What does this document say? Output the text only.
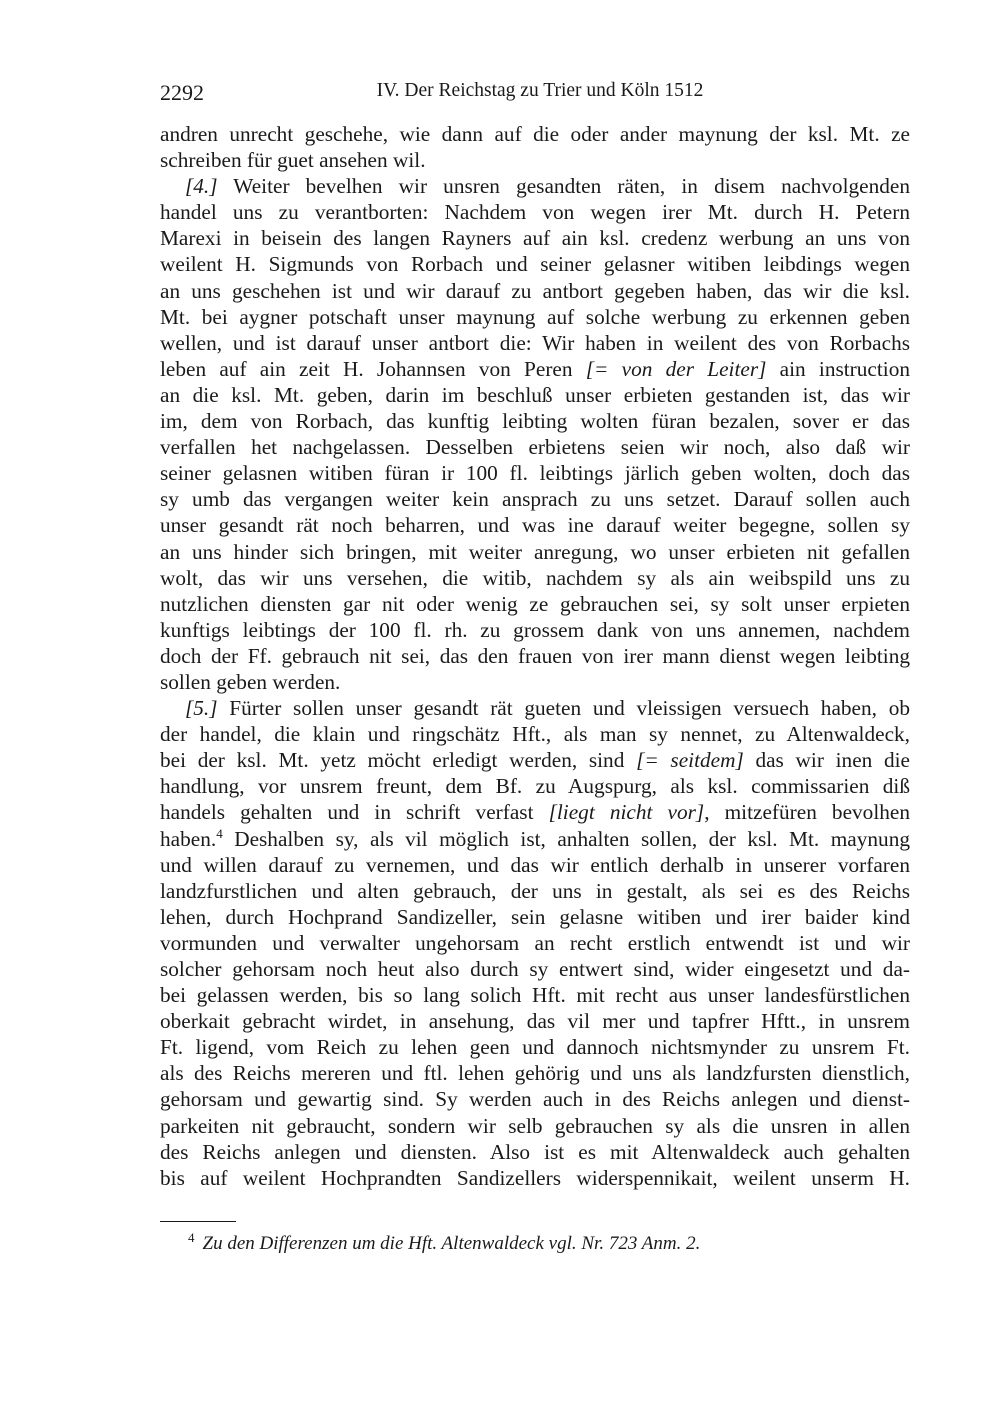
2292	IV. Der Reichstag zu Trier und Köln 1512
andren unrecht geschehe, wie dann auf die oder ander maynung der ksl. Mt. ze
schreiben für guet ansehen wil.
[4.] Weiter bevelhen wir unsren gesandten räten, in disem nachvolgenden
handel uns zu verantborten: Nachdem von wegen irer Mt. durch H. Petern
Marexi in beisein des langen Rayners auf ain ksl. credenz werbung an uns von
weilent H. Sigmunds von Rorbach und seiner gelasner witiben leibdings wegen
an uns geschehen ist und wir darauf zu antbort gegeben haben, das wir die ksl.
Mt. bei aygner potschaft unser maynung auf solche werbung zu erkennen geben
wellen, und ist darauf unser antbort die: Wir haben in weilent des von Rorbachs
leben auf ain zeit H. Johannsen von Peren [= von der Leiter] ain instruction
an die ksl. Mt. geben, darin im beschluß unser erbieten gestanden ist, das wir
im, dem von Rorbach, das kunftig leibting wolten füran bezalen, sover er das
verfallen het nachgelassen. Desselben erbietens seien wir noch, also daß wir
seiner gelasnen witiben füran ir 100 fl. leibtings järlich geben wolten, doch das
sy umb das vergangen weiter kein ansprach zu uns setzet. Darauf sollen auch
unser gesandt rät noch beharren, und was ine darauf weiter begegne, sollen sy
an uns hinder sich bringen, mit weiter anregung, wo unser erbieten nit gefallen
wolt, das wir uns versehen, die witib, nachdem sy als ain weibspild uns zu
nutzlichen diensten gar nit oder wenig ze gebrauchen sei, sy solt unser erpieten
kunftigs leibtings der 100 fl. rh. zu grossem dank von uns annemen, nachdem
doch der Ff. gebrauch nit sei, das den frauen von irer mann dienst wegen leibting
sollen geben werden.
[5.] Fürter sollen unser gesandt rät gueten und vleissigen versuech haben, ob
der handel, die klain und ringschätz Hft., als man sy nennet, zu Altenwaldeck,
bei der ksl. Mt. yetz möcht erledigt werden, sind [= seitdem] das wir inen die
handlung, vor unsrem freunt, dem Bf. zu Augspurg, als ksl. commissarien diß
handels gehalten und in schrift verfast [liegt nicht vor], mitzefüren bevolhen
haben.$^4$ Deshalben sy, als vil möglich ist, anhalten sollen, der ksl. Mt. maynung
und willen darauf zu vernemen, und das wir entlich derhalb in unserer vorfaren
landzfurstlichen und alten gebrauch, der uns in gestalt, als sei es des Reichs
lehen, durch Hochprand Sandizeller, sein gelasne witiben und irer baider kind
vormunden und verwalter ungehorsam an recht erstlich entwendt ist und wir
solcher gehorsam noch heut also durch sy entwert sind, wider eingesetzt und da-
bei gelassen werden, bis so lang solich Hft. mit recht aus unser landesfürstlichen
oberkait gebracht wirdet, in ansehung, das vil mer und tapfrer Hftt., in unsrem
Ft. ligend, vom Reich zu lehen geen und dannoch nichtsmynder zu unsrem Ft.
als des Reichs mereren und ftl. lehen gehörig und uns als landzfursten dienstlich,
gehorsam und gewartig sind. Sy werden auch in des Reichs anlegen und dienst-
parkeiten nit gebraucht, sondern wir selb gebrauchen sy als die unsren in allen
des Reichs anlegen und diensten. Also ist es mit Altenwaldeck auch gehalten
bis auf weilent Hochprandten Sandizellers widerspennikait, weilent unserm H.
$^4$ Zu den Differenzen um die Hft. Altenwaldeck vgl. Nr. 723 Anm. 2.
